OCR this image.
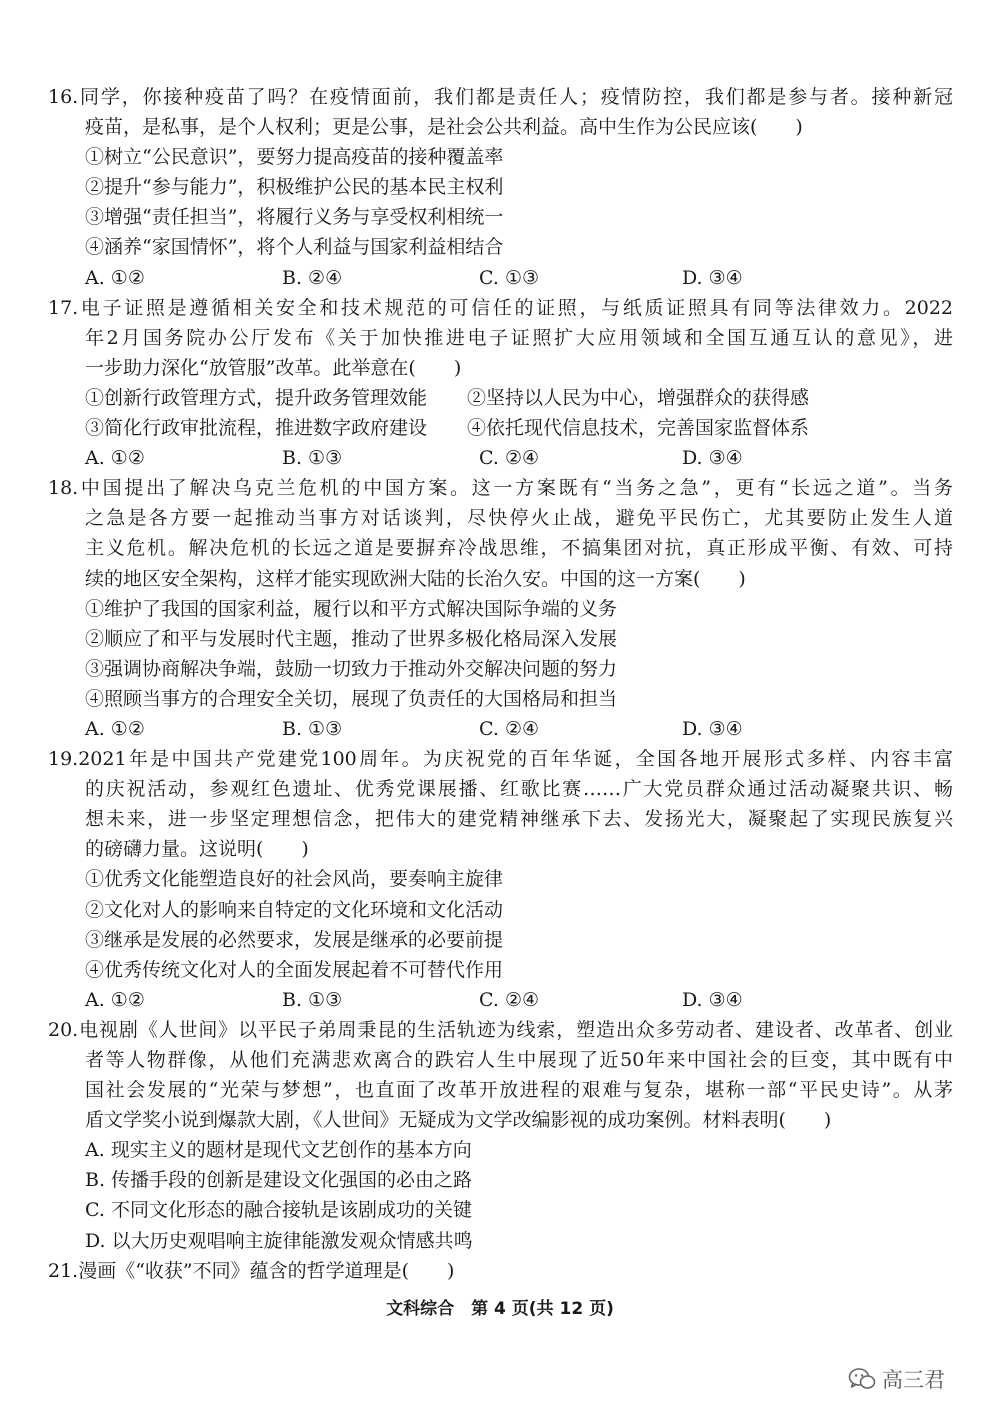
16.同学，你接种疫苗了吗？在疫情面前，我们都是责任人；疫情防控，我们都是参与者。接种新冠
疫苗，是私事，是个人权利；更是公事，是社会公共利益。高中生作为公民应该(　　)
①树立“公民意识”，要努力提高疫苗的接种覆盖率
②提升“参与能力”，积极维护公民的基本民主权利
③增强“责任担当”，将履行义务与享受权利相统一
④涵养“家国情怀”，将个人利益与国家利益相结合
A. ①②	B. ②④	C. ①③	D. ③④
17.电子证照是遵循相关安全和技术规范的可信任的证照，与纸质证照具有同等法律效力。2022
年2月国务院办公厅发布《关于加快推进电子证照扩大应用领域和全国互通互认的意见》，进
一步助力深化“放管服”改革。此举意在(　　)
①创新行政管理方式，提升政务管理效能	②坚持以人民为中心，增强群众的获得感
③简化行政审批流程，推进数字政府建设	④依托现代信息技术，完善国家监督体系
A. ①②	B. ①③	C. ②④	D. ③④
18.中国提出了解决乌克兰危机的中国方案。这一方案既有“当务之急”，更有“长远之道”。当务
之急是各方要一起推动当事方对话谈判，尽快停火止战，避免平民伤亡，尤其要防止发生人道
主义危机。解决危机的长远之道是要摒弃冷战思维，不搞集团对抗，真正形成平衡、有效、可持
续的地区安全架构，这样才能实现欧洲大陆的长治久安。中国的这一方案(　　)
①维护了我国的国家利益，履行以和平方式解决国际争端的义务
②顺应了和平与发展时代主题，推动了世界多极化格局深入发展
③强调协商解决争端，鼓励一切致力于推动外交解决问题的努力
④照顾当事方的合理安全关切，展现了负责任的大国格局和担当
A. ①②	B. ①③	C. ②④	D. ③④
19.2021年是中国共产党建党100周年。为庆祝党的百年华诞，全国各地开展形式多样、内容丰富
的庆祝活动，参观红色遗址、优秀党课展播、红歌比赛……广大党员群众通过活动凝聚共识、畅
想未来，进一步坚定理想信念，把伟大的建党精神继承下去、发扬光大，凝聚起了实现民族复兴
的磅礴力量。这说明(　　)
①优秀文化能塑造良好的社会风尚，要奏响主旋律
②文化对人的影响来自特定的文化环境和文化活动
③继承是发展的必然要求，发展是继承的必要前提
④优秀传统文化对人的全面发展起着不可替代作用
A. ①②	B. ①③	C. ②④	D. ③④
20.电视剧《人世间》以平民子弟周秉昆的生活轨迹为线索，塑造出众多劳动者、建设者、改革者、创业
者等人物群像，从他们充满悲欢离合的跌宕人生中展现了近50年来中国社会的巨变，其中既有中
国社会发展的“光荣与梦想”，也直面了改革开放进程的艰难与复杂，堪称一部“平民史诗”。从茅
盾文学奖小说到爆款大剧，《人世间》无疑成为文学改编影视的成功案例。材料表明(　　)
A. 现实主义的题材是现代文艺创作的基本方向
B. 传播手段的创新是建设文化强国的必由之路
C. 不同文化形态的融合接轨是该剧成功的关键
D. 以大历史观唱响主旋律能激发观众情感共鸣
21.漫画《“收获”不同》蕴含的哲学道理是(　　)
文科综合　第 4 页(共 12 页)
高三君
